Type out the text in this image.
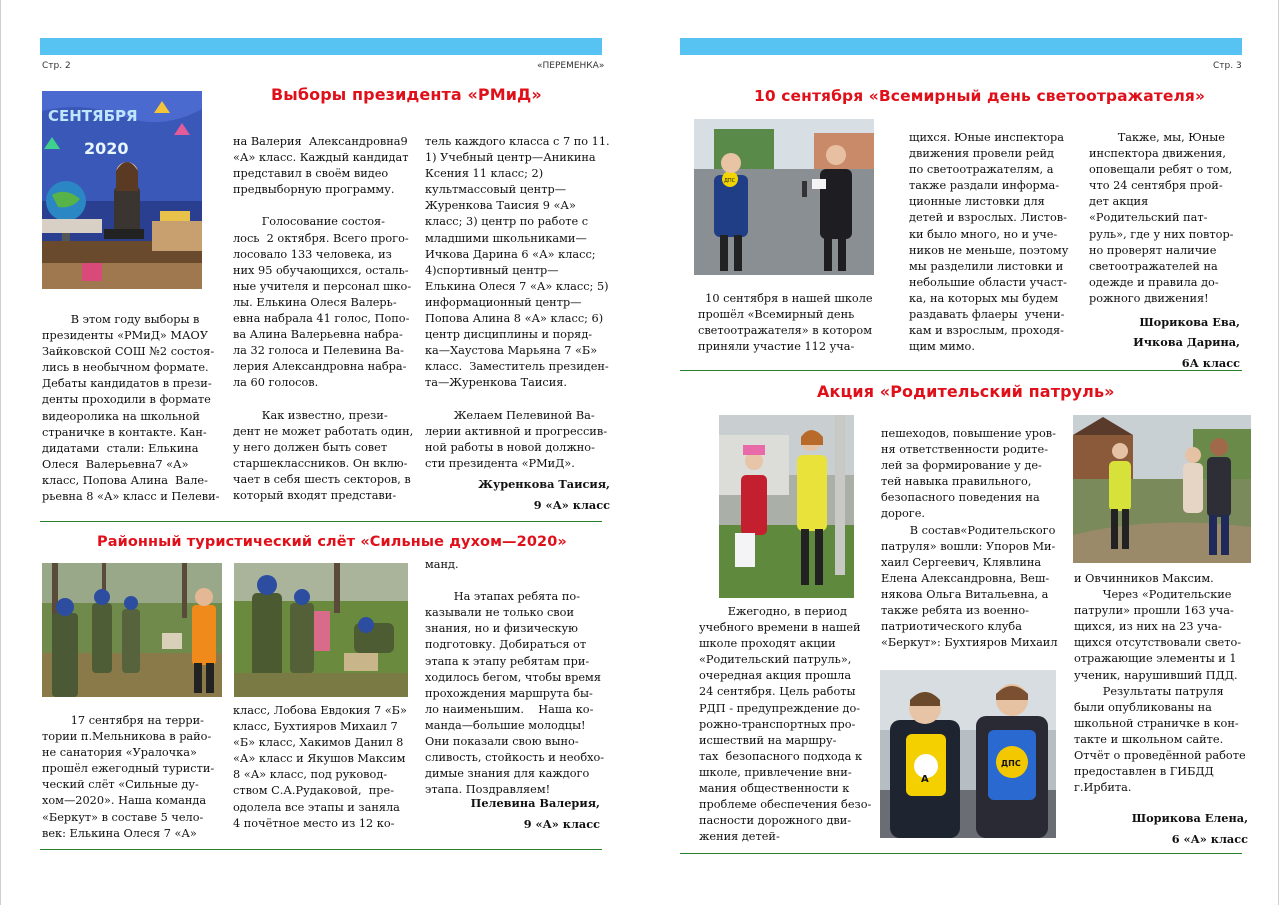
Стр. 2	«ПЕРЕМЕНКА»
Выборы президента «РМиД»
СЕНТЯБРЯ
2020
В этом году выборы в
президенты «РМиД» МАОУ
Зайковской СОШ №2 состоя-
лись в необычном формате.
Дебаты кандидатов в прези-
денты проходили в формате
видеоролика на школьной
страничке в контакте. Кан-
дидатами  стали: Елькина
Олеся  Валерьевна7 «А»
класс, Попова Алина  Вале-
рьевна 8 «А» класс и Пелеви-
на Валерия  Александровна9
«А» класс. Каждый кандидат
представил в своём видео
предвыборную программу.

Голосование состоя-
лось  2 октября. Всего прого-
лосовало 133 человека, из
них 95 обучающихся, осталь-
ные учителя и персонал шко-
лы. Елькина Олеся Валерь-
евна набрала 41 голос, Попо-
ва Алина Валерьевна набра-
ла 32 голоса и Пелевина Ва-
лерия Александровна набра-
ла 60 голосов.

Как известно, прези-
дент не может работать один,
у него должен быть совет
старшеклассников. Он вклю-
чает в себя шесть секторов, в
который входят представи-
тель каждого класса с 7 по 11.
1) Учебный центр—Аникина
Ксения 11 класс; 2)
культмассовый центр—
Журенкова Таисия 9 «А»
класс; 3) центр по работе с
младшими школьниками—
Ичкова Дарина 6 «А» класс;
4)спортивный центр—
Елькина Олеся 7 «А» класс; 5)
информационный центр—
Попова Алина 8 «А» класс; 6)
центр дисциплины и поряд-
ка—Хаустова Марьяна 7 «Б»
класс.  Заместитель президен-
та—Журенкова Таисия.

Желаем Пелевиной Ва-
лерии активной и прогрессив-
ной работы в новой должно-
сти президента «РМиД».
Журенкова Таисия,
9 «А» класс
Районный туристический слёт «Сильные духом—2020»
17 сентября на терри-
тории п.Мельникова в райо-
не санатория «Уралочка»
прошёл ежегодный туристи-
ческий слёт «Сильные ду-
хом—2020». Наша команда
«Беркут» в составе 5 чело-
век: Елькина Олеся 7 «А»
класс, Лобова Евдокия 7 «Б»
класс, Бухтияров Михаил 7
«Б» класс, Хакимов Данил 8
«А» класс и Якушов Максим
8 «А» класс, под руковод-
ством С.А.Рудаковой,  пре-
одолела все этапы и заняла
4 почётное место из 12 ко-
манд.

На этапах ребята по-
казывали не только свои
знания, но и физическую
подготовку. Добираться от
этапа к этапу ребятам при-
ходилось бегом, чтобы время
прохождения маршрута бы-
ло наименьшим.    Наша ко-
манда—большие молодцы!
Они показали свою выно-
сливость, стойкость и необхо-
димые знания для каждого
этапа. Поздравляем!
Пелевина Валерия,
9 «А» класс
Стр. 3
10 сентября «Всемирный день светоотражателя»
ДПС
10 сентября в нашей школе
прошёл «Всемирный день
светоотражателя» в котором
приняли участие 112 уча-
щихся. Юные инспектора
движения провели рейд
по светоотражателям, а
также раздали информа-
ционные листовки для
детей и взрослых. Листов-
ки было много, но и уче-
ников не меньше, поэтому
мы разделили листовки и
небольшие области участ-
ка, на которых мы будем
раздавать флаеры  учени-
кам и взрослым, проходя-
щим мимо.
Также, мы, Юные
инспектора движения,
оповещали ребят о том,
что 24 сентября прой-
дет акция
«Родительский пат-
руль», где у них повтор-
но проверят наличие
светоотражателей на
одежде и правила до-
рожного движения!
Шорикова Ева,
Ичкова Дарина,
6А класс
Акция «Родительский патруль»
А
ДПС
Ежегодно, в период
учебного времени в нашей
школе проходят акции
«Родительский патруль»,
очередная акция прошла
24 сентября. Цель работы
РДП - предупреждение до-
рожно-транспортных про-
исшествий на маршру-
тах  безопасного подхода к
школе, привлечение вни-
мания общественности к
проблеме обеспечения безо-
пасности дорожного дви-
жения детей-
пешеходов, повышение уров-
ня ответственности родите-
лей за формирование у де-
тей навыка правильного,
безопасного поведения на
дороге.
В состав«Родительского
патруля» вошли: Упоров Ми-
хаил Сергеевич, Клявлина
Елена Александровна, Веш-
някова Ольга Витальевна, а
также ребята из военно-
патриотического клуба
«Беркут»: Бухтияров Михаил
и Овчинников Максим.
Через «Родительские
патрули» прошли 163 уча-
щихся, из них на 23 уча-
щихся отсутствовали свето-
отражающие элементы и 1
ученик, нарушивший ПДД.
Результаты патруля
были опубликованы на
школьной страничке в кон-
такте и школьном сайте.
Отчёт о проведённой работе
предоставлен в ГИБДД
г.Ирбита.
Шорикова Елена,
6 «А» класс
